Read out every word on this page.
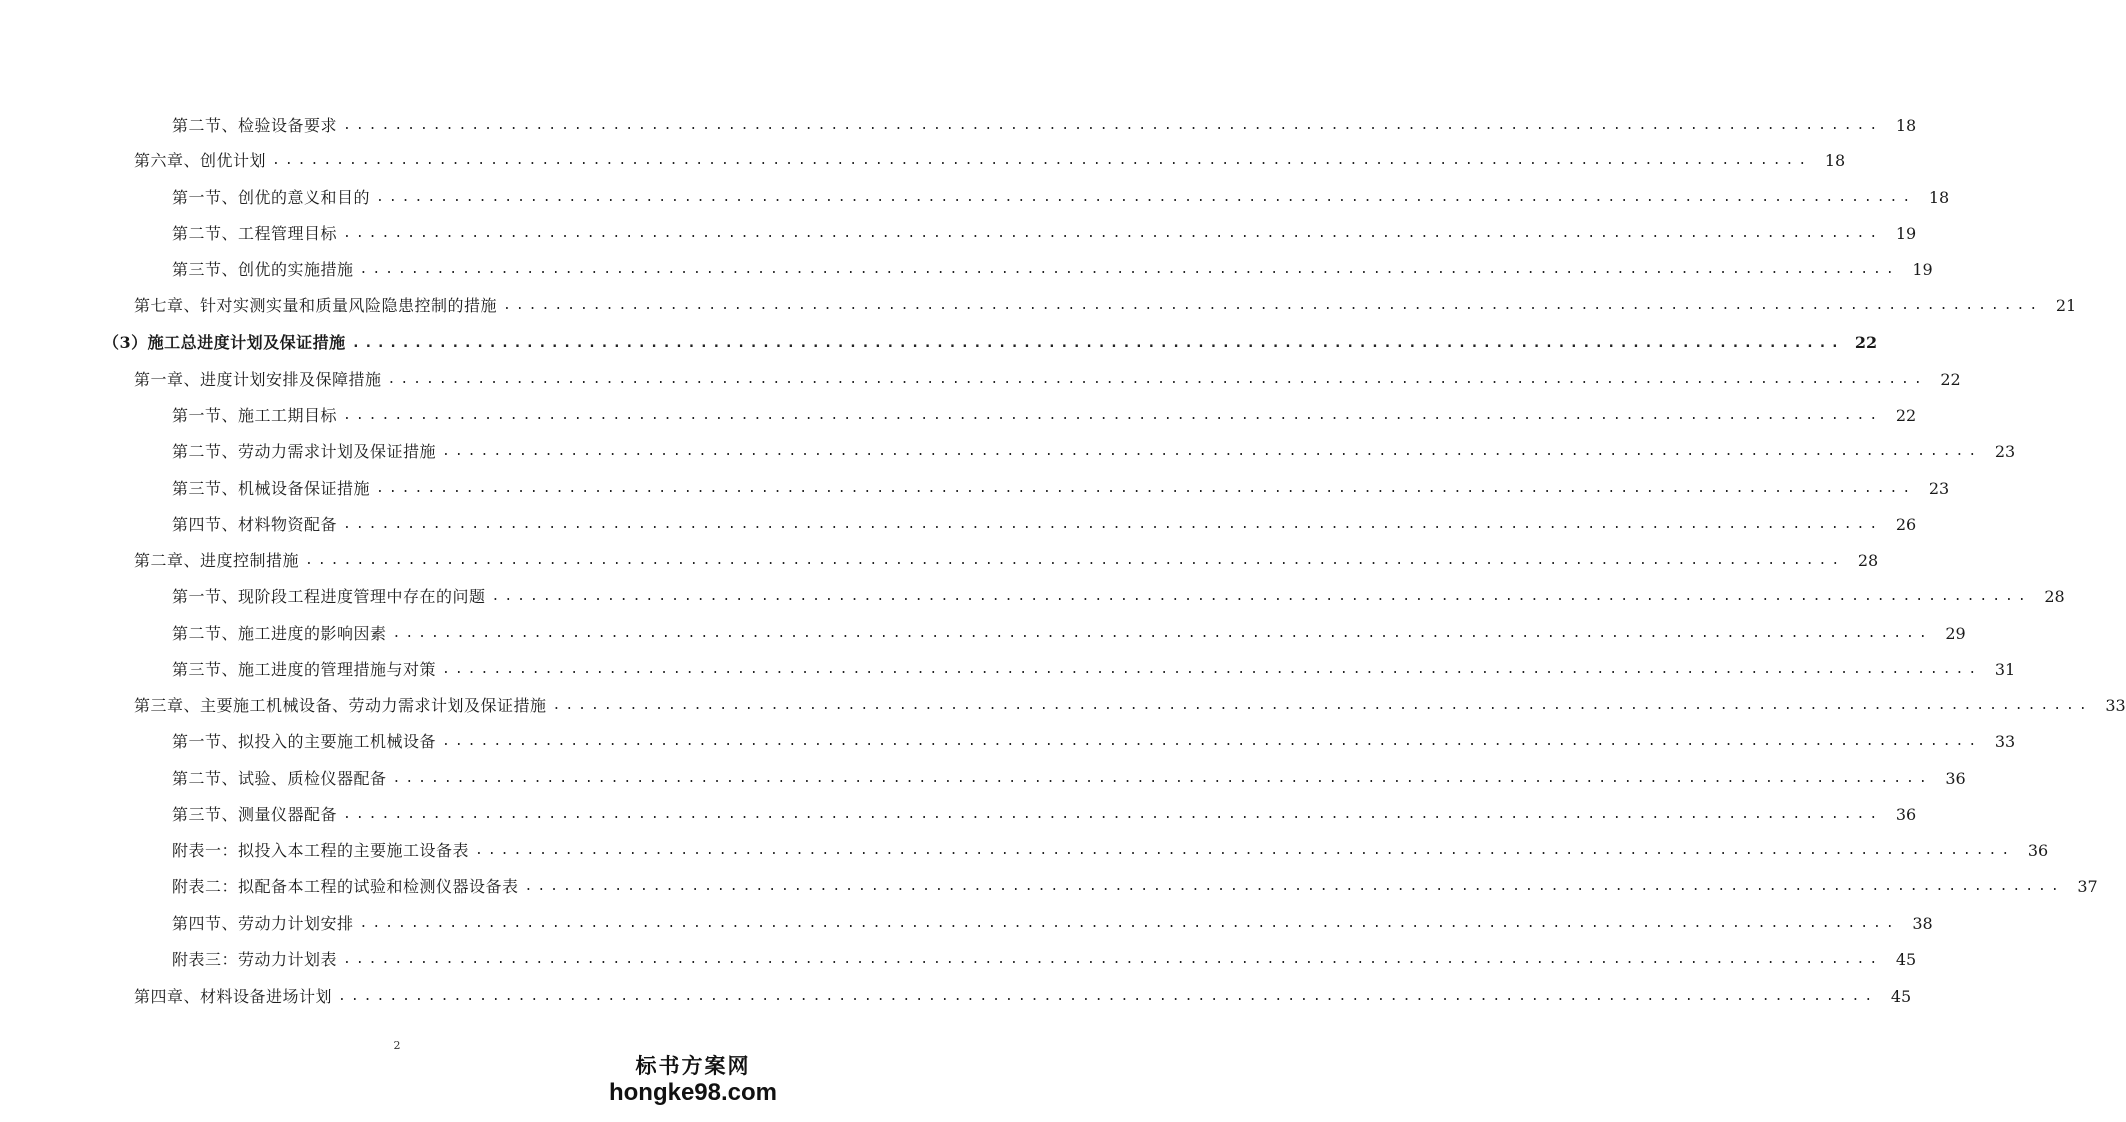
第二节、检验设备要求 ........................................................................................................................ 18
第六章、创优计划 ........................................................................................................................ 18
第一节、创优的意义和目的 ........................................................................................................................ 18
第二节、工程管理目标 ........................................................................................................................ 19
第三节、创优的实施措施 ........................................................................................................................ 19
第七章、针对实测实量和质量风险隐患控制的措施 ........................................................................................................................ 21
（3）施工总进度计划及保证措施 ........................................................................................................................ 22
第一章、进度计划安排及保障措施 ........................................................................................................................ 22
第一节、施工工期目标 ........................................................................................................................ 22
第二节、劳动力需求计划及保证措施 ........................................................................................................................ 23
第三节、机械设备保证措施 ........................................................................................................................ 23
第四节、材料物资配备 ........................................................................................................................ 26
第二章、进度控制措施 ........................................................................................................................ 28
第一节、现阶段工程进度管理中存在的问题 ........................................................................................................................ 28
第二节、施工进度的影响因素 ........................................................................................................................ 29
第三节、施工进度的管理措施与对策 ........................................................................................................................ 31
第三章、主要施工机械设备、劳动力需求计划及保证措施 ........................................................................................................................ 33
第一节、拟投入的主要施工机械设备 ........................................................................................................................ 33
第二节、试验、质检仪器配备 ........................................................................................................................ 36
第三节、测量仪器配备 ........................................................................................................................ 36
附表一：拟投入本工程的主要施工设备表 ........................................................................................................................ 36
附表二：拟配备本工程的试验和检测仪器设备表 ........................................................................................................................ 37
第四节、劳动力计划安排 ........................................................................................................................ 38
附表三：劳动力计划表 ........................................................................................................................ 45
第四章、材料设备进场计划 ........................................................................................................................ 45
2
标书方案网
hongke98.com
